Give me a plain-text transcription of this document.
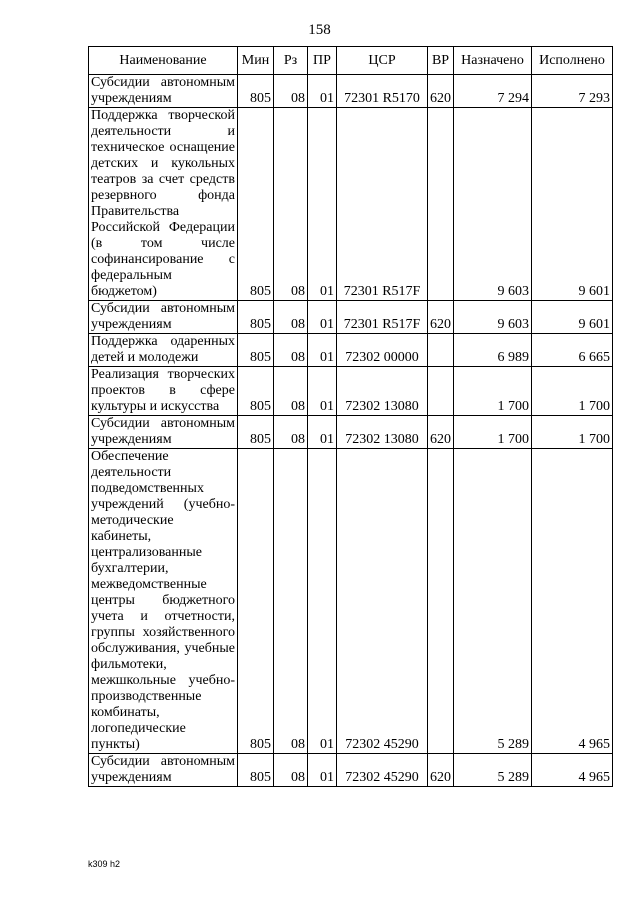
158
Наименование	Мин	Рз	ПР	ЦСР	ВР	Назначено	Исполнено
Субсидии автономным учреждениям	805	08	01	72301 R5170	620	7 294	7 293
Поддержка творческой деятельности и техническое оснащение детских и кукольных театров за счет средств резервного фонда Правительства Российской Федерации (в том числе софинансирование с федеральным бюджетом)	805	08	01	72301 R517F		9 603	9 601
Субсидии автономным учреждениям	805	08	01	72301 R517F	620	9 603	9 601
Поддержка одаренных детей и молодежи	805	08	01	72302 00000		6 989	6 665
Реализация творческих проектов в сфере культуры и искусства	805	08	01	72302 13080		1 700	1 700
Субсидии автономным учреждениям	805	08	01	72302 13080	620	1 700	1 700
Обеспечение деятельности подведомственных учреждений (учебно-методические кабинеты, централизованные бухгалтерии, межведомственные центры бюджетного учета и отчетности, группы хозяйственного обслуживания, учебные фильмотеки, межшкольные учебно-производственные комбинаты, логопедические пункты)	805	08	01	72302 45290		5 289	4 965
Субсидии автономным учреждениям	805	08	01	72302 45290	620	5 289	4 965
k309 h2
